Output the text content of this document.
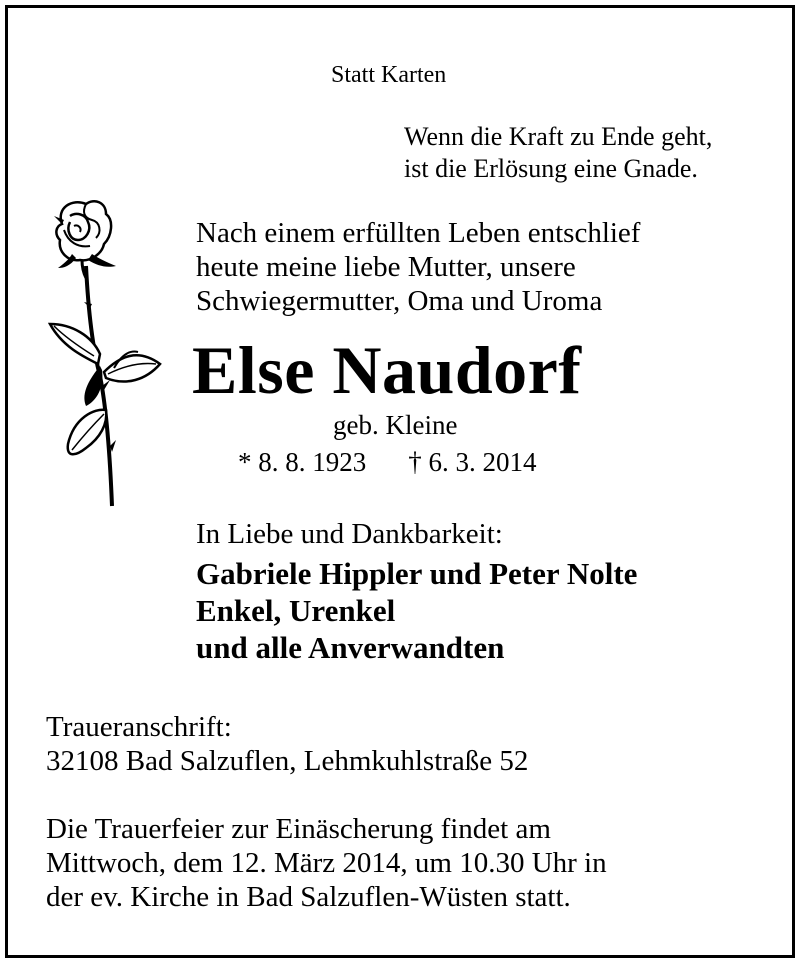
Statt Karten
Wenn die Kraft zu Ende geht,
ist die Erlösung eine Gnade.
Nach einem erfüllten Leben entschlief
heute meine liebe Mutter, unsere
Schwiegermutter, Oma und Uroma
Else Naudorf
geb. Kleine
* 8. 8. 1923 † 6. 3. 2014
In Liebe und Dankbarkeit:
Gabriele Hippler und Peter Nolte
Enkel, Urenkel
und alle Anverwandten
Traueranschrift:
32108 Bad Salzuflen, Lehmkuhlstraße 52
Die Trauerfeier zur Einäscherung findet am
Mittwoch, dem 12. März 2014, um 10.30 Uhr in
der ev. Kirche in Bad Salzuflen-Wüsten statt.
